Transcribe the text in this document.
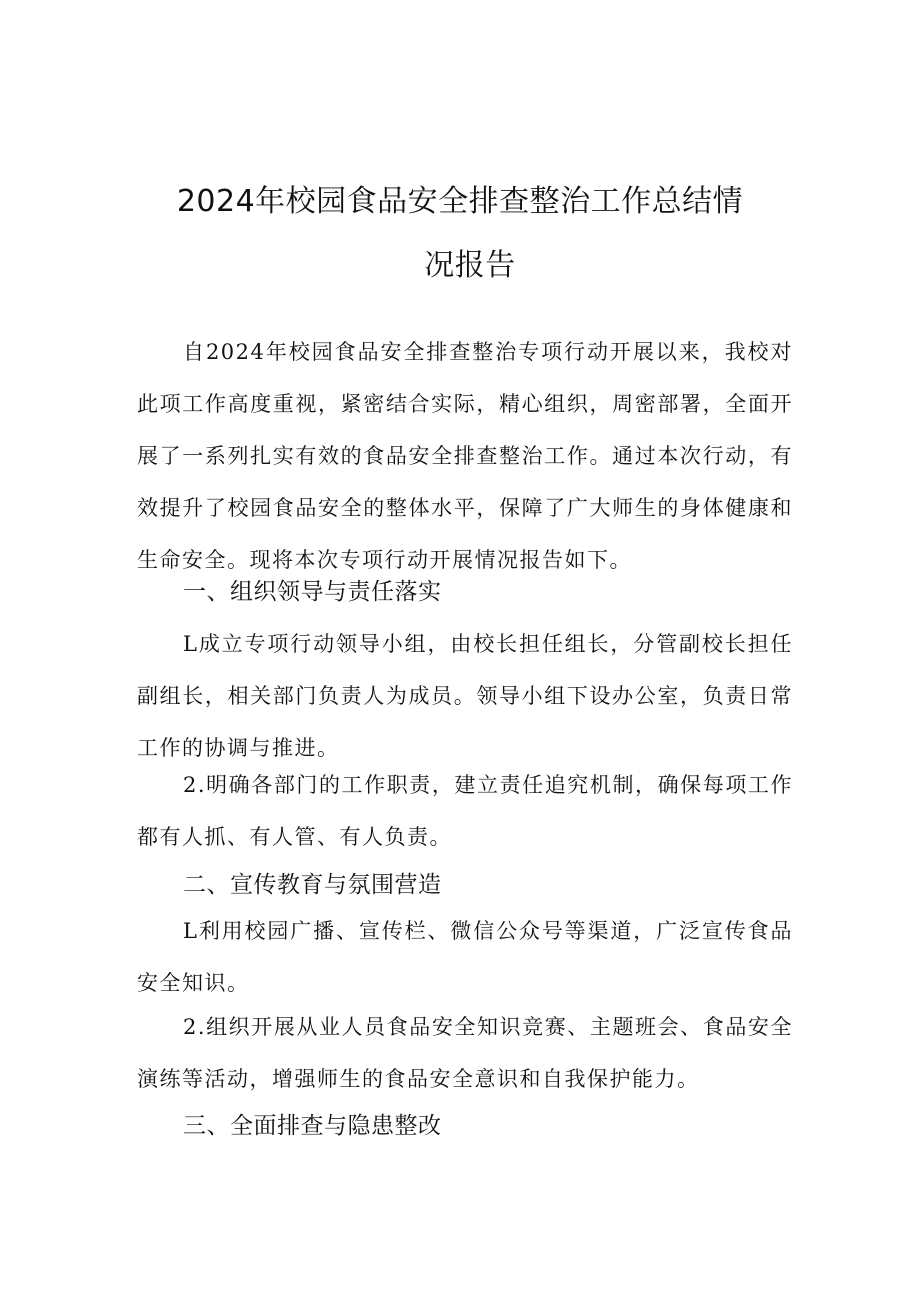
2024年校园食品安全排查整治工作总结情
况报告

自2024年校园食品安全排查整治专项行动开展以来，我校对此项工作高度重视，紧密结合实际，精心组织，周密部署，全面开展了一系列扎实有效的食品安全排查整治工作。通过本次行动，有效提升了校园食品安全的整体水平，保障了广大师生的身体健康和生命安全。现将本次专项行动开展情况报告如下。

一、组织领导与责任落实

L成立专项行动领导小组，由校长担任组长，分管副校长担任副组长，相关部门负责人为成员。领导小组下设办公室，负责日常工作的协调与推进。

2.明确各部门的工作职责，建立责任追究机制，确保每项工作都有人抓、有人管、有人负责。

二、宣传教育与氛围营造

L利用校园广播、宣传栏、微信公众号等渠道，广泛宣传食品安全知识。

2.组织开展从业人员食品安全知识竞赛、主题班会、食品安全演练等活动，增强师生的食品安全意识和自我保护能力。

三、全面排查与隐患整改
